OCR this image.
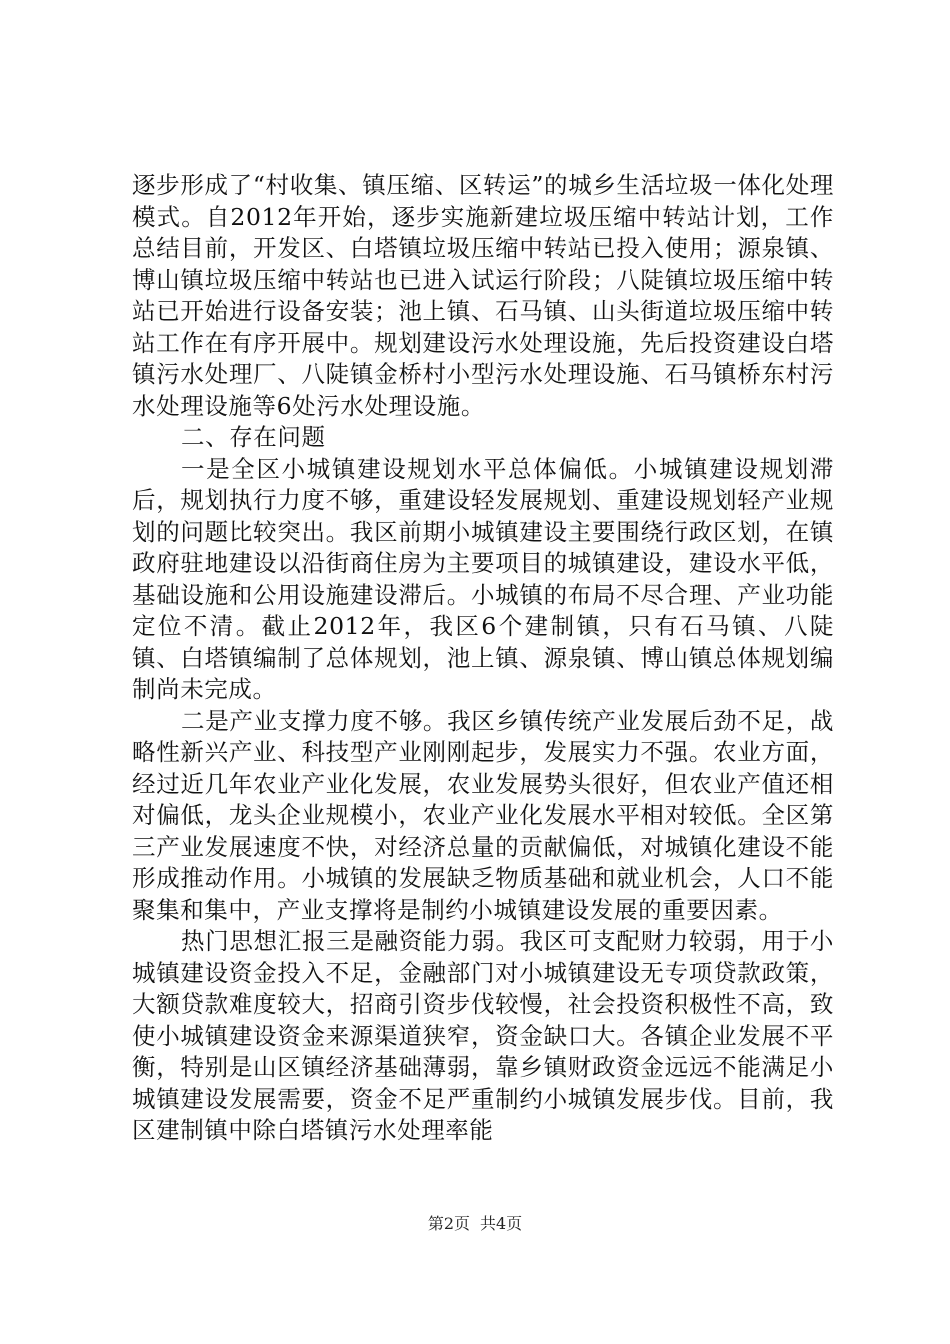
逐步形成了“村收集、镇压缩、区转运”的城乡生活垃圾一体化处理模式。自2012年开始，逐步实施新建垃圾压缩中转站计划，工作总结目前，开发区、白塔镇垃圾压缩中转站已投入使用；源泉镇、博山镇垃圾压缩中转站也已进入试运行阶段；八陡镇垃圾压缩中转站已开始进行设备安装；池上镇、石马镇、山头街道垃圾压缩中转站工作在有序开展中。规划建设污水处理设施，先后投资建设白塔镇污水处理厂、八陡镇金桥村小型污水处理设施、石马镇桥东村污水处理设施等6处污水处理设施。

二、存在问题

一是全区小城镇建设规划水平总体偏低。小城镇建设规划滞后，规划执行力度不够，重建设轻发展规划、重建设规划轻产业规划的问题比较突出。我区前期小城镇建设主要围绕行政区划，在镇政府驻地建设以沿街商住房为主要项目的城镇建设，建设水平低，基础设施和公用设施建设滞后。小城镇的布局不尽合理、产业功能定位不清。截止2012年，我区6个建制镇，只有石马镇、八陡镇、白塔镇编制了总体规划，池上镇、源泉镇、博山镇总体规划编制尚未完成。

二是产业支撑力度不够。我区乡镇传统产业发展后劲不足，战略性新兴产业、科技型产业刚刚起步，发展实力不强。农业方面，经过近几年农业产业化发展，农业发展势头很好，但农业产值还相对偏低，龙头企业规模小，农业产业化发展水平相对较低。全区第三产业发展速度不快，对经济总量的贡献偏低，对城镇化建设不能形成推动作用。小城镇的发展缺乏物质基础和就业机会，人口不能聚集和集中，产业支撑将是制约小城镇建设发展的重要因素。

热门思想汇报三是融资能力弱。我区可支配财力较弱，用于小城镇建设资金投入不足，金融部门对小城镇建设无专项贷款政策，大额贷款难度较大，招商引资步伐较慢，社会投资积极性不高，致使小城镇建设资金来源渠道狭窄，资金缺口大。各镇企业发展不平衡，特别是山区镇经济基础薄弱，靠乡镇财政资金远远不能满足小城镇建设发展需要，资金不足严重制约小城镇发展步伐。目前，我区建制镇中除白塔镇污水处理率能

第2页 共4页
